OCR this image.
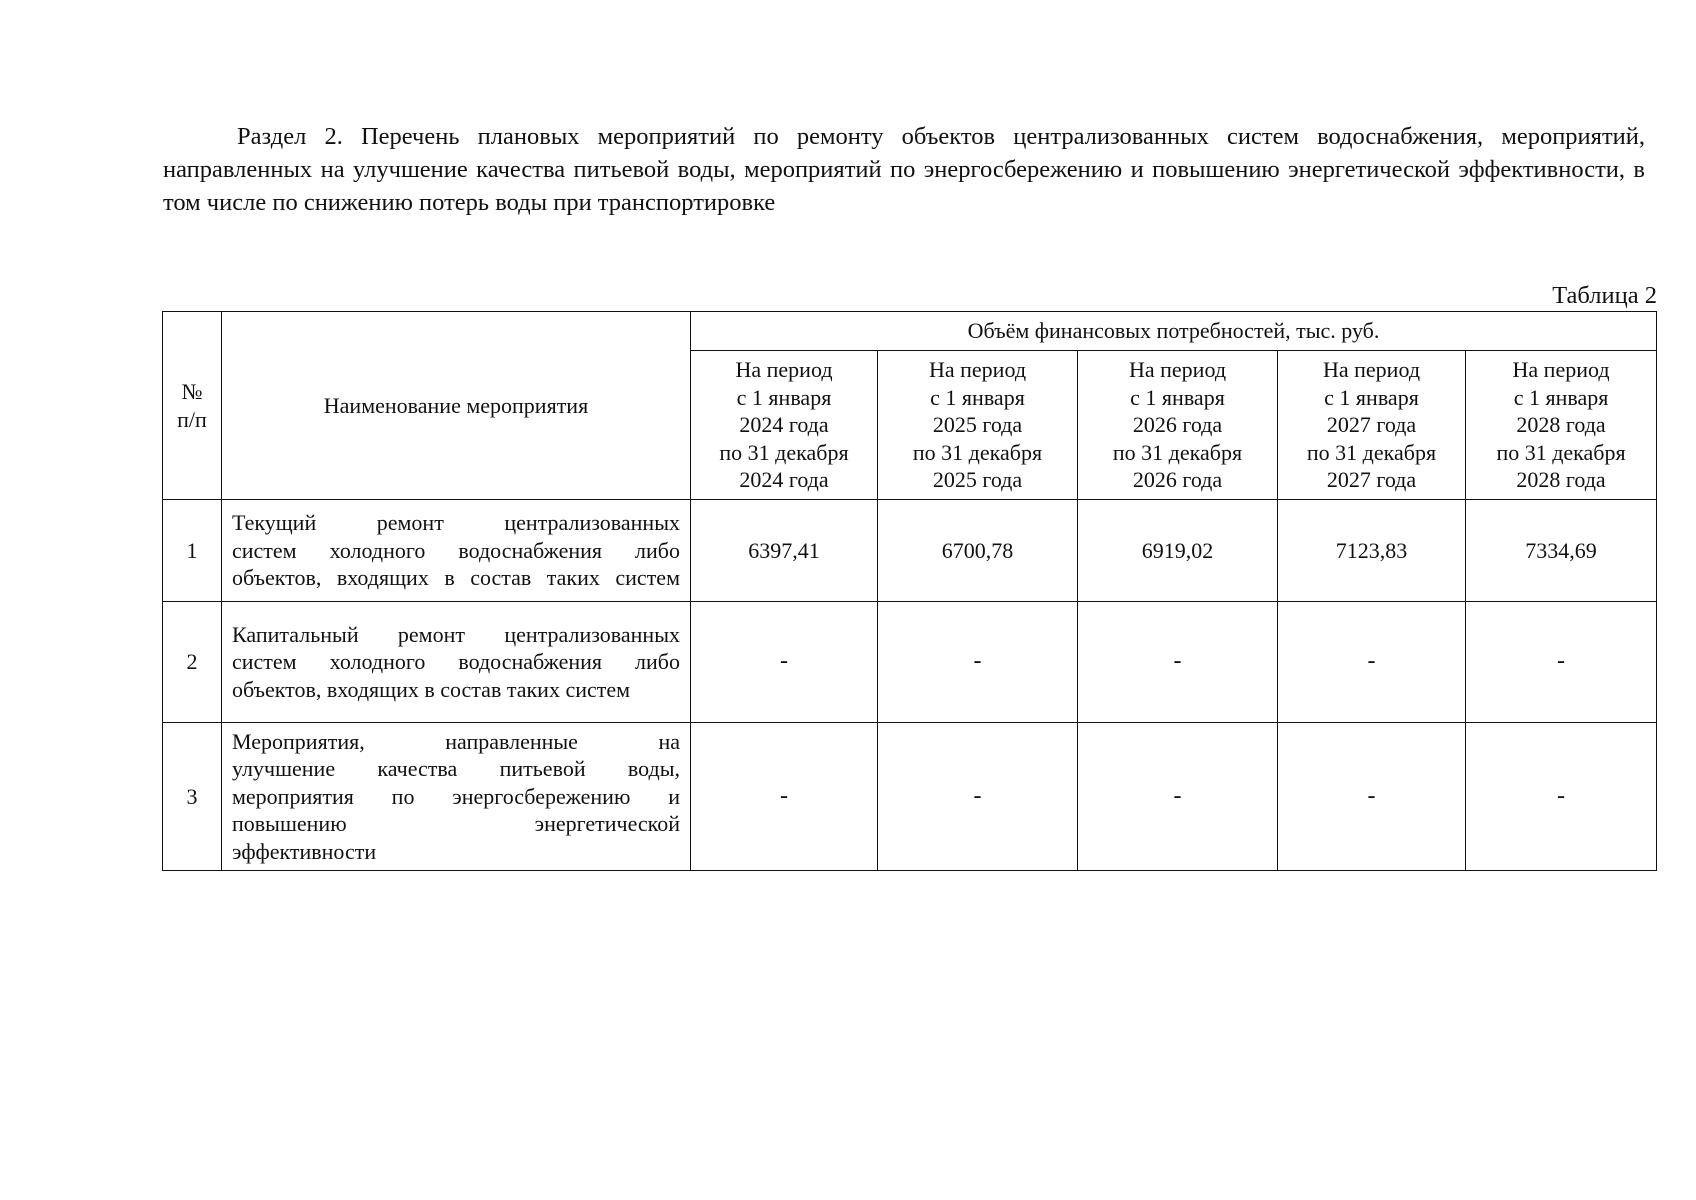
Раздел 2. Перечень плановых мероприятий по ремонту объектов централизованных систем водоснабжения, мероприятий, направленных на улучшение качества питьевой воды, мероприятий по энергосбережению и повышению энергетической эффективности, в том числе по снижению потерь воды при транспортировке
Таблица 2
№ п/п	Наименование мероприятия	Объём финансовых потребностей, тыс. руб.				

		На период
с 1 января
2024 года
по 31 декабря
2024 года	На период
с 1 января
2025 года
по 31 декабря
2025 года	На период
с 1 января
2026 года
по 31 декабря
2026 года	На период
с 1 января
2027 года
по 31 декабря
2027 года	На период
с 1 января
2028 года
по 31 декабря
2028 года

1	Текущий ремонт централизованных
систем холодного водоснабжения либо
объектов, входящих в состав таких систем	6397,41	6700,78	6919,02	7123,83	7334,69
2	Капитальный ремонт централизованных
систем холодного водоснабжения либо
объектов, входящих в состав таких систем	-	-	-	-	-
3	Мероприятия, направленные на
улучшение качества питьевой воды,
мероприятия по энергосбережению и
повышению энергетической
эффективности	-	-	-	-	-
